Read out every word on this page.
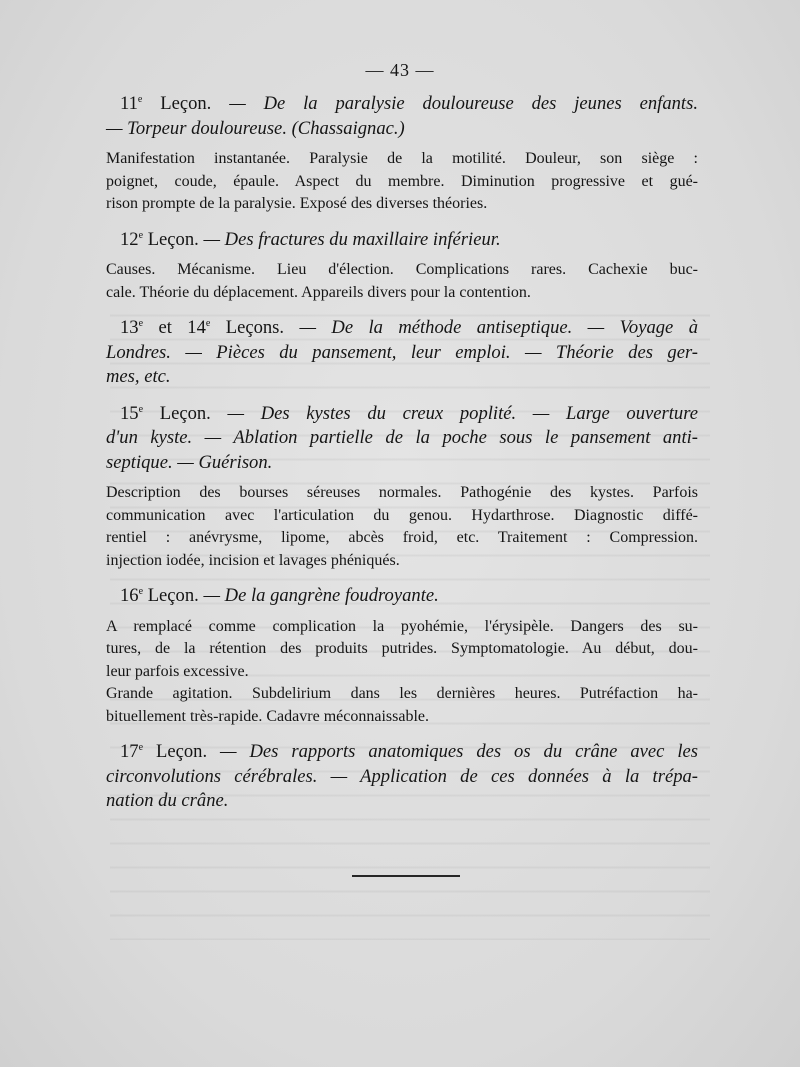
— 43 —
11e Leçon. — De la paralysie douloureuse des jeunes enfants.
— Torpeur douloureuse. (Chassaignac.)
Manifestation instantanée. Paralysie de la motilité. Douleur, son siège :
poignet, coude, épaule. Aspect du membre. Diminution progressive et gué-
rison prompte de la paralysie. Exposé des diverses théories.
12e Leçon. — Des fractures du maxillaire inférieur.
Causes. Mécanisme. Lieu d'élection. Complications rares. Cachexie buc-
cale. Théorie du déplacement. Appareils divers pour la contention.
13e et 14e Leçons. — De la méthode antiseptique. — Voyage à
Londres. — Pièces du pansement, leur emploi. — Théorie des ger-
mes, etc.
15e Leçon. — Des kystes du creux poplité. — Large ouverture
d'un kyste. — Ablation partielle de la poche sous le pansement anti-
septique. — Guérison.
Description des bourses séreuses normales. Pathogénie des kystes. Parfois
communication avec l'articulation du genou. Hydarthrose. Diagnostic diffé-
rentiel : anévrysme, lipome, abcès froid, etc. Traitement : Compression.
injection iodée, incision et lavages phéniqués.
16e Leçon. — De la gangrène foudroyante.
A remplacé comme complication la pyohémie, l'érysipèle. Dangers des su-
tures, de la rétention des produits putrides. Symptomatologie. Au début, dou-
leur parfois excessive.
Grande agitation. Subdelirium dans les dernières heures. Putréfaction ha-
bituellement très-rapide. Cadavre méconnaissable.
17e Leçon. — Des rapports anatomiques des os du crâne avec les
circonvolutions cérébrales. — Application de ces données à la trépa-
nation du crâne.
